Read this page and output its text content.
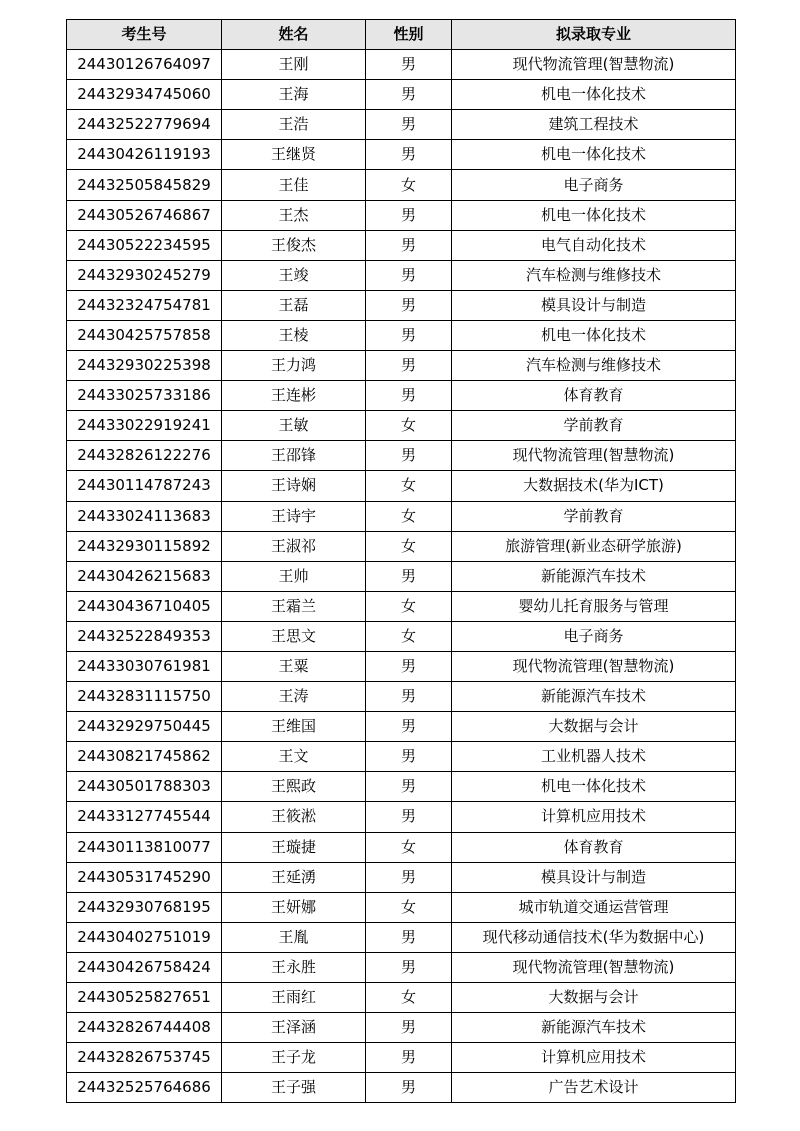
考生号	姓名	性别	拟录取专业
24430126764097	王刚	男	现代物流管理(智慧物流)
24432934745060	王海	男	机电一体化技术
24432522779694	王浩	男	建筑工程技术
24430426119193	王继贤	男	机电一体化技术
24432505845829	王佳	女	电子商务
24430526746867	王杰	男	机电一体化技术
24430522234595	王俊杰	男	电气自动化技术
24432930245279	王竣	男	汽车检测与维修技术
24432324754781	王磊	男	模具设计与制造
24430425757858	王棱	男	机电一体化技术
24432930225398	王力鸿	男	汽车检测与维修技术
24433025733186	王连彬	男	体育教育
24433022919241	王敏	女	学前教育
24432826122276	王邵锋	男	现代物流管理(智慧物流)
24430114787243	王诗娴	女	大数据技术(华为ICT)
24433024113683	王诗宇	女	学前教育
24432930115892	王淑祁	女	旅游管理(新业态研学旅游)
24430426215683	王帅	男	新能源汽车技术
24430436710405	王霜兰	女	婴幼儿托育服务与管理
24432522849353	王思文	女	电子商务
24433030761981	王粟	男	现代物流管理(智慧物流)
24432831115750	王涛	男	新能源汽车技术
24432929750445	王维国	男	大数据与会计
24430821745862	王文	男	工业机器人技术
24430501788303	王熙政	男	机电一体化技术
24433127745544	王筱淞	男	计算机应用技术
24430113810077	王璇捷	女	体育教育
24430531745290	王延湧	男	模具设计与制造
24432930768195	王妍娜	女	城市轨道交通运营管理
24430402751019	王胤	男	现代移动通信技术(华为数据中心)
24430426758424	王永胜	男	现代物流管理(智慧物流)
24430525827651	王雨红	女	大数据与会计
24432826744408	王泽涵	男	新能源汽车技术
24432826753745	王子龙	男	计算机应用技术
24432525764686	王子强	男	广告艺术设计
